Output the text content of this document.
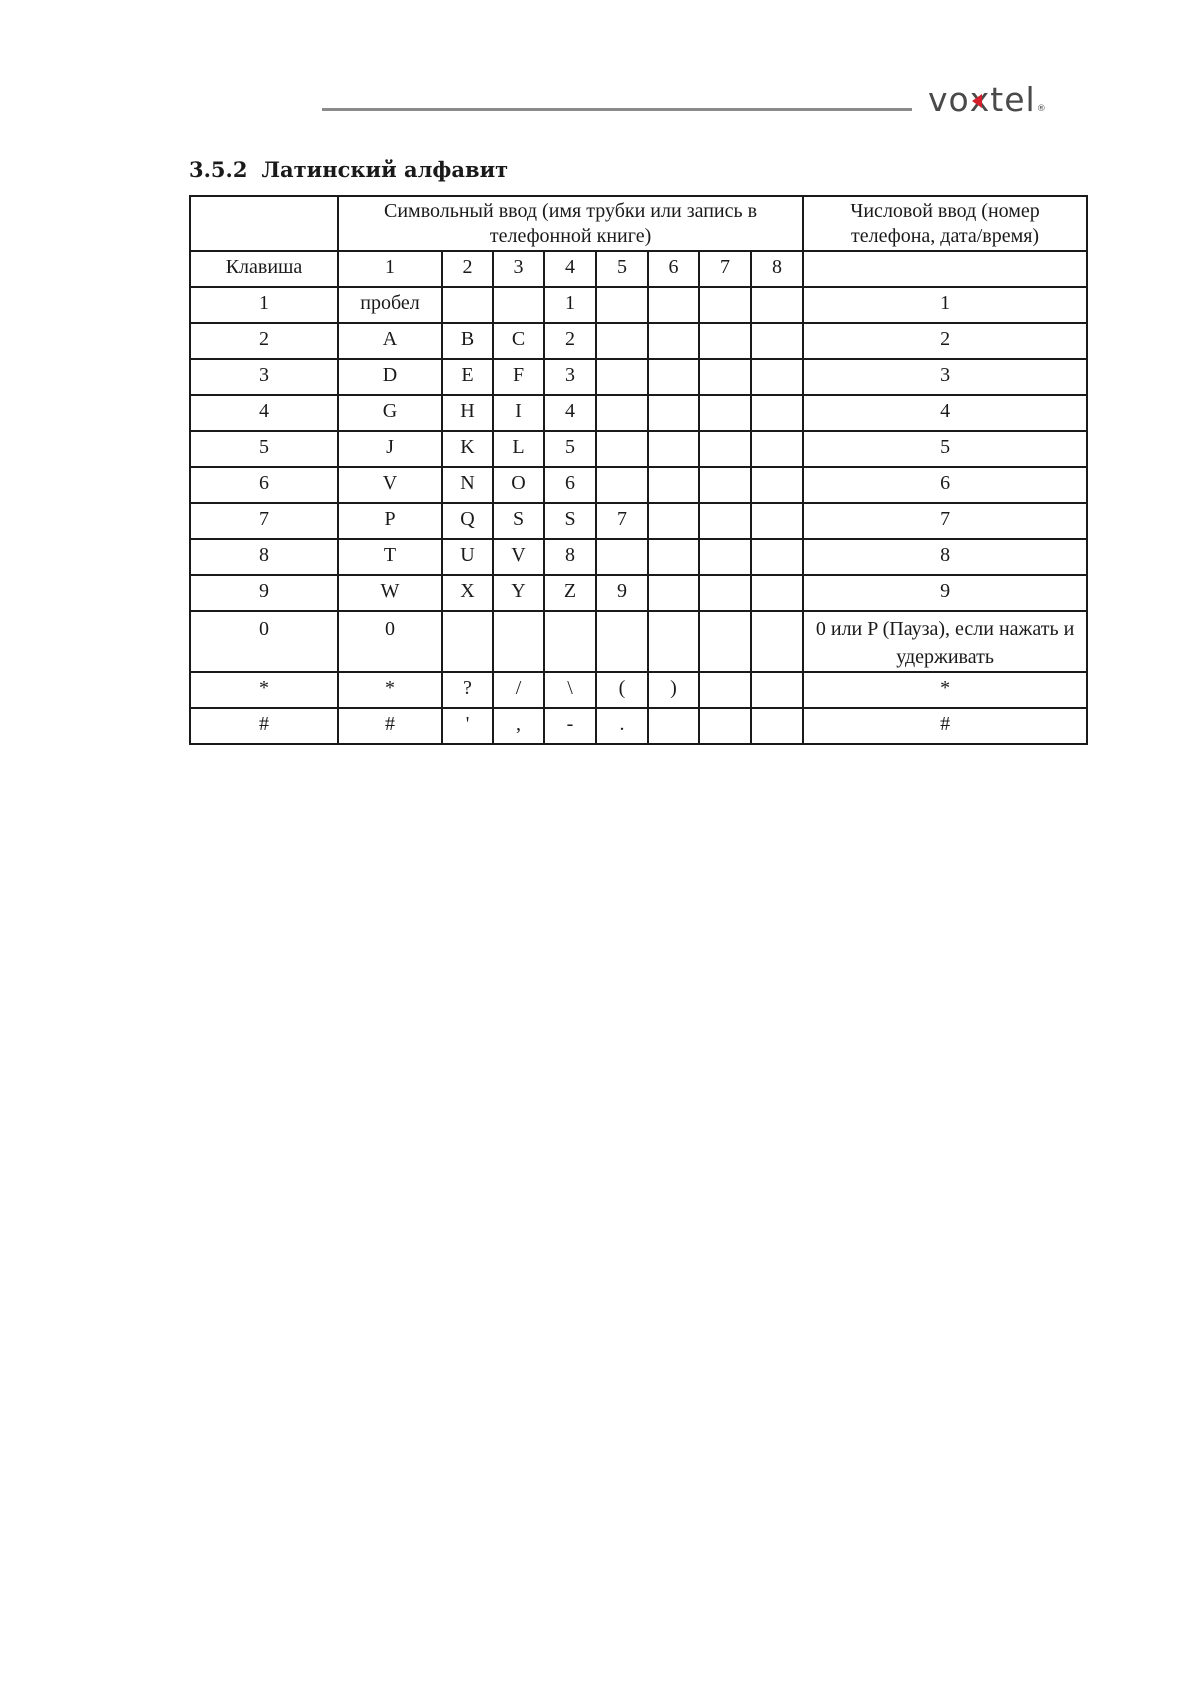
vo x tel ®
3.5.2 Латинский алфавит
	Символьный ввод (имя трубки или запись в телефонной книге)								Числовой ввод (номер телефона, дата/время)
Клавиша	1	2	3	4	5	6	7	8	
1	пробел			1					1
2	A	B	C	2					2
3	D	E	F	3					3
4	G	H	I	4					4
5	J	K	L	5					5
6	V	N	O	6					6
7	P	Q	S	S	7				7
8	T	U	V	8					8
9	W	X	Y	Z	9				9
0	0								0 или P (Пауза), если нажать и удерживать
*	*	?	/	\	(	)			*
#	#	'	,	-	.				#
